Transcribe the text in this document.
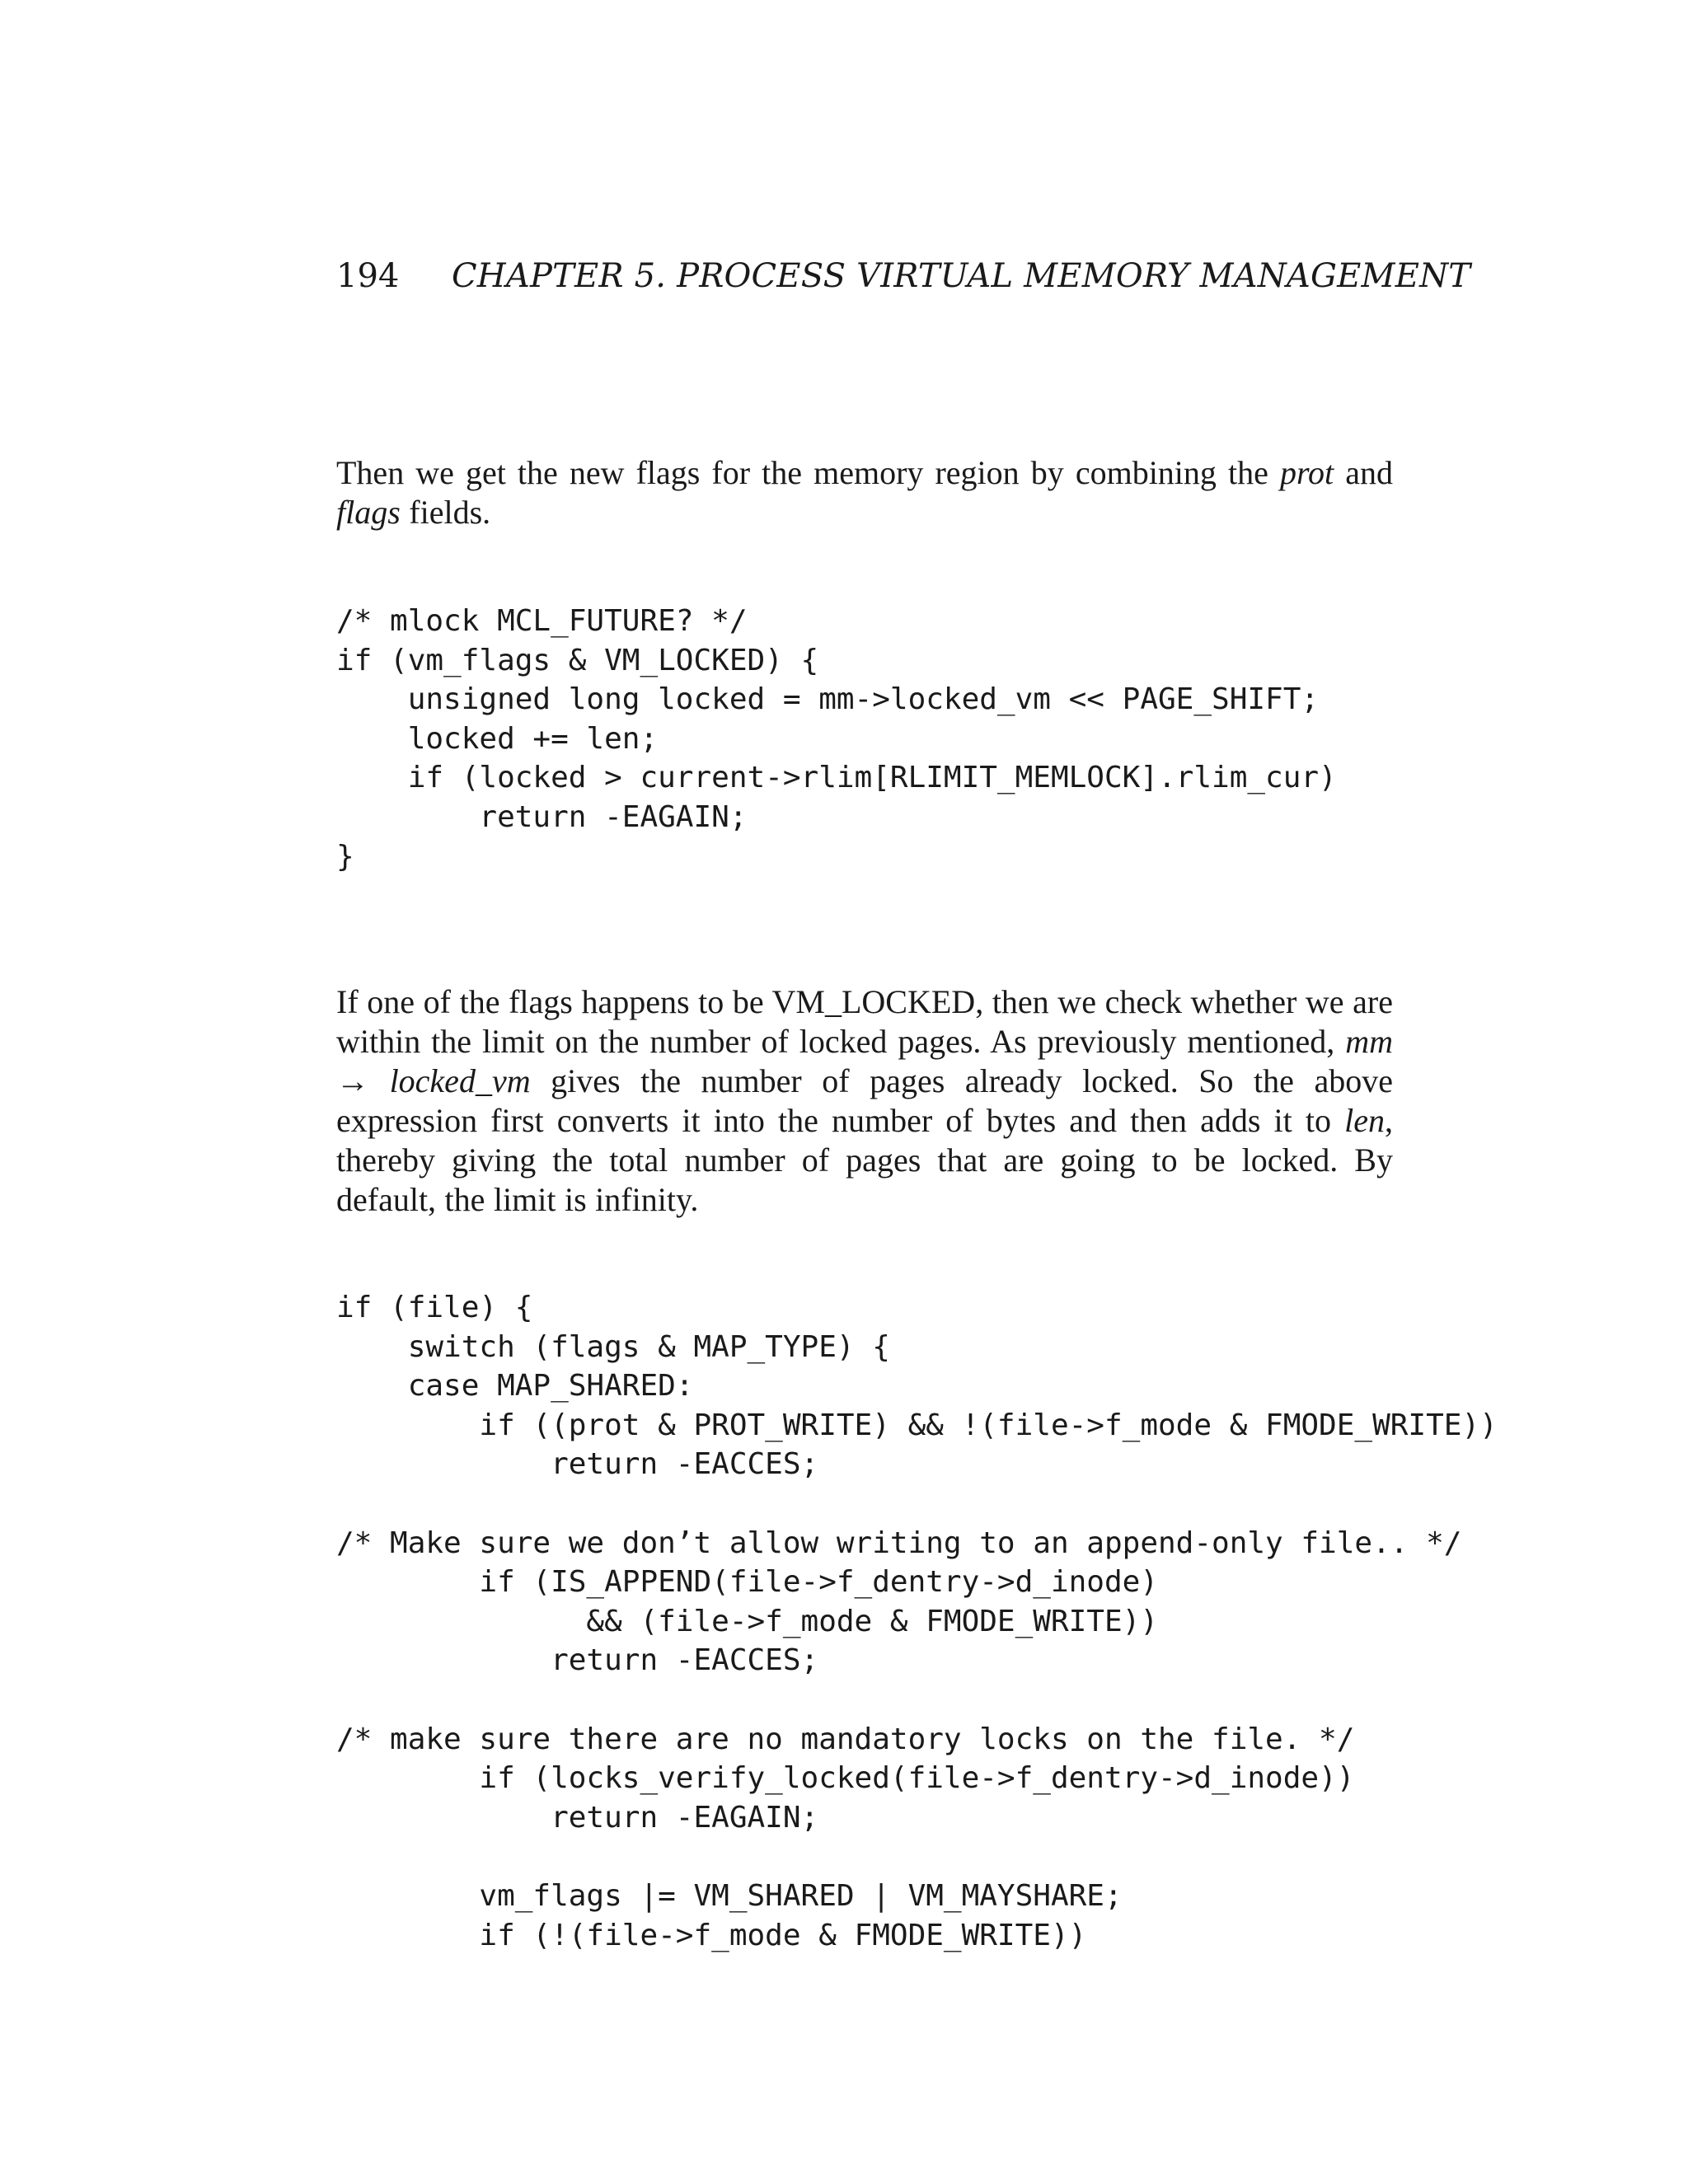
194 CHAPTER 5. PROCESS VIRTUAL MEMORY MANAGEMENT

Then we get the new flags for the memory region by combining the prot and flags fields.

/* mlock MCL_FUTURE? */
if (vm_flags & VM_LOCKED) {
unsigned long locked = mm->locked_vm << PAGE_SHIFT;
locked += len;
if (locked > current->rlim[RLIMIT_MEMLOCK].rlim_cur)
return -EAGAIN;
}

If one of the flags happens to be VM_LOCKED, then we check whether we are within the limit on the number of locked pages. As previously mentioned, mm → locked_vm gives the number of pages already locked. So the above expression first converts it into the number of bytes and then adds it to len, thereby giving the total number of pages that are going to be locked. By default, the limit is infinity.

if (file) {
switch (flags & MAP_TYPE) {
case MAP_SHARED:
if ((prot & PROT_WRITE) && !(file->f_mode & FMODE_WRITE))
return -EACCES;
/* Make sure we don’t allow writing to an append-only file.. */
if (IS_APPEND(file->f_dentry->d_inode)
&& (file->f_mode & FMODE_WRITE))
return -EACCES;
/* make sure there are no mandatory locks on the file. */
if (locks_verify_locked(file->f_dentry->d_inode))
return -EAGAIN;
vm_flags |= VM_SHARED | VM_MAYSHARE;
if (!(file->f_mode & FMODE_WRITE))
